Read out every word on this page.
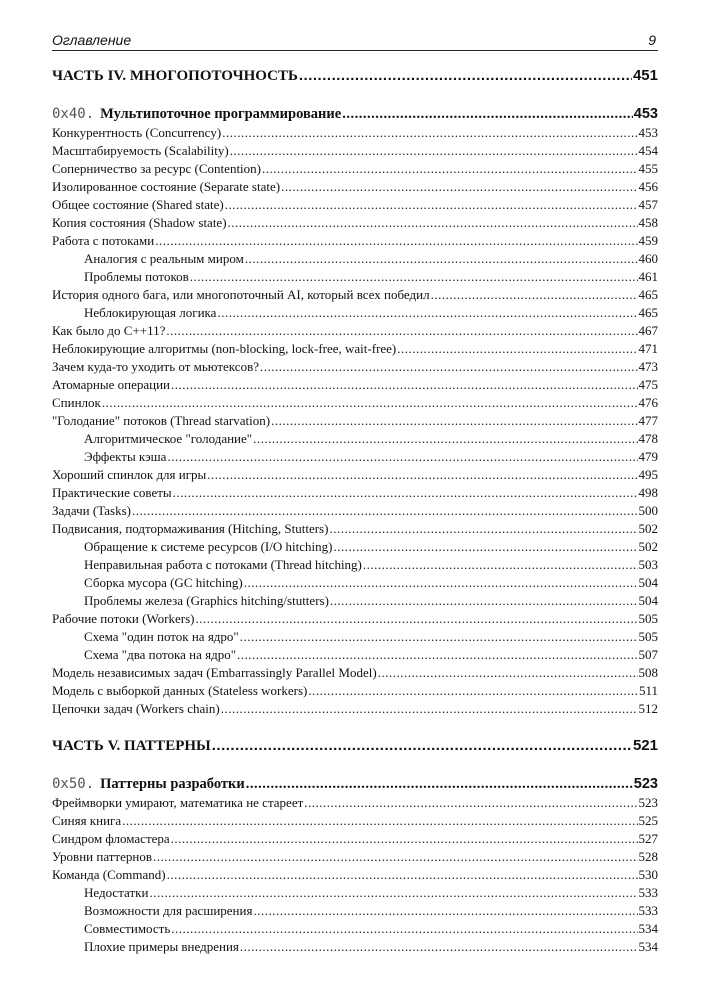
Оглавление	9
ЧАСТЬ IV. МНОГОПОТОЧНОСТЬ .....	451
0x40. Мультипоточное программирование .....	453
Конкурентность (Concurrency) .....	453
Масштабируемость (Scalability) .....	454
Соперничество за ресурс (Contention) .....	455
Изолированное состояние (Separate state) .....	456
Общее состояние (Shared state) .....	457
Копия состояния (Shadow state) .....	458
Работа с потоками .....	459
Аналогия с реальным миром .....	460
Проблемы потоков .....	461
История одного бага, или многопоточный AI, который всех победил .....	465
Неблокирующая логика .....	465
Как было до C++11? .....	467
Неблокирующие алгоритмы (non-blocking, lock-free, wait-free) .....	471
Зачем куда-то уходить от мьютексов? .....	473
Атомарные операции .....	475
Спинлок .....	476
"Голодание" потоков (Thread starvation) .....	477
Алгоритмическое "голодание" .....	478
Эффекты кэша .....	479
Хороший спинлок для игры .....	495
Практические советы .....	498
Задачи (Tasks) .....	500
Подвисания, подтормаживания (Hitching, Stutters) .....	502
Обращение к системе ресурсов (I/O hitching) .....	502
Неправильная работа с потоками (Thread hitching) .....	503
Сборка мусора (GC hitching) .....	504
Проблемы железа (Graphics hitching/stutters) .....	504
Рабочие потоки (Workers) .....	505
Схема "один поток на ядро" .....	505
Схема "два потока на ядро" .....	507
Модель независимых задач (Embarrassingly Parallel Model) .....	508
Модель с выборкой данных (Stateless workers) .....	511
Цепочки задач (Workers chain) .....	512
ЧАСТЬ V. ПАТТЕРНЫ .....	521
0x50. Паттерны разработки .....	523
Фреймворки умирают, математика не стареет .....	523
Синяя книга .....	525
Синдром фломастера .....	527
Уровни паттернов .....	528
Команда (Command) .....	530
Недостатки .....	533
Возможности для расширения .....	533
Совместимость .....	534
Плохие примеры внедрения .....	534
